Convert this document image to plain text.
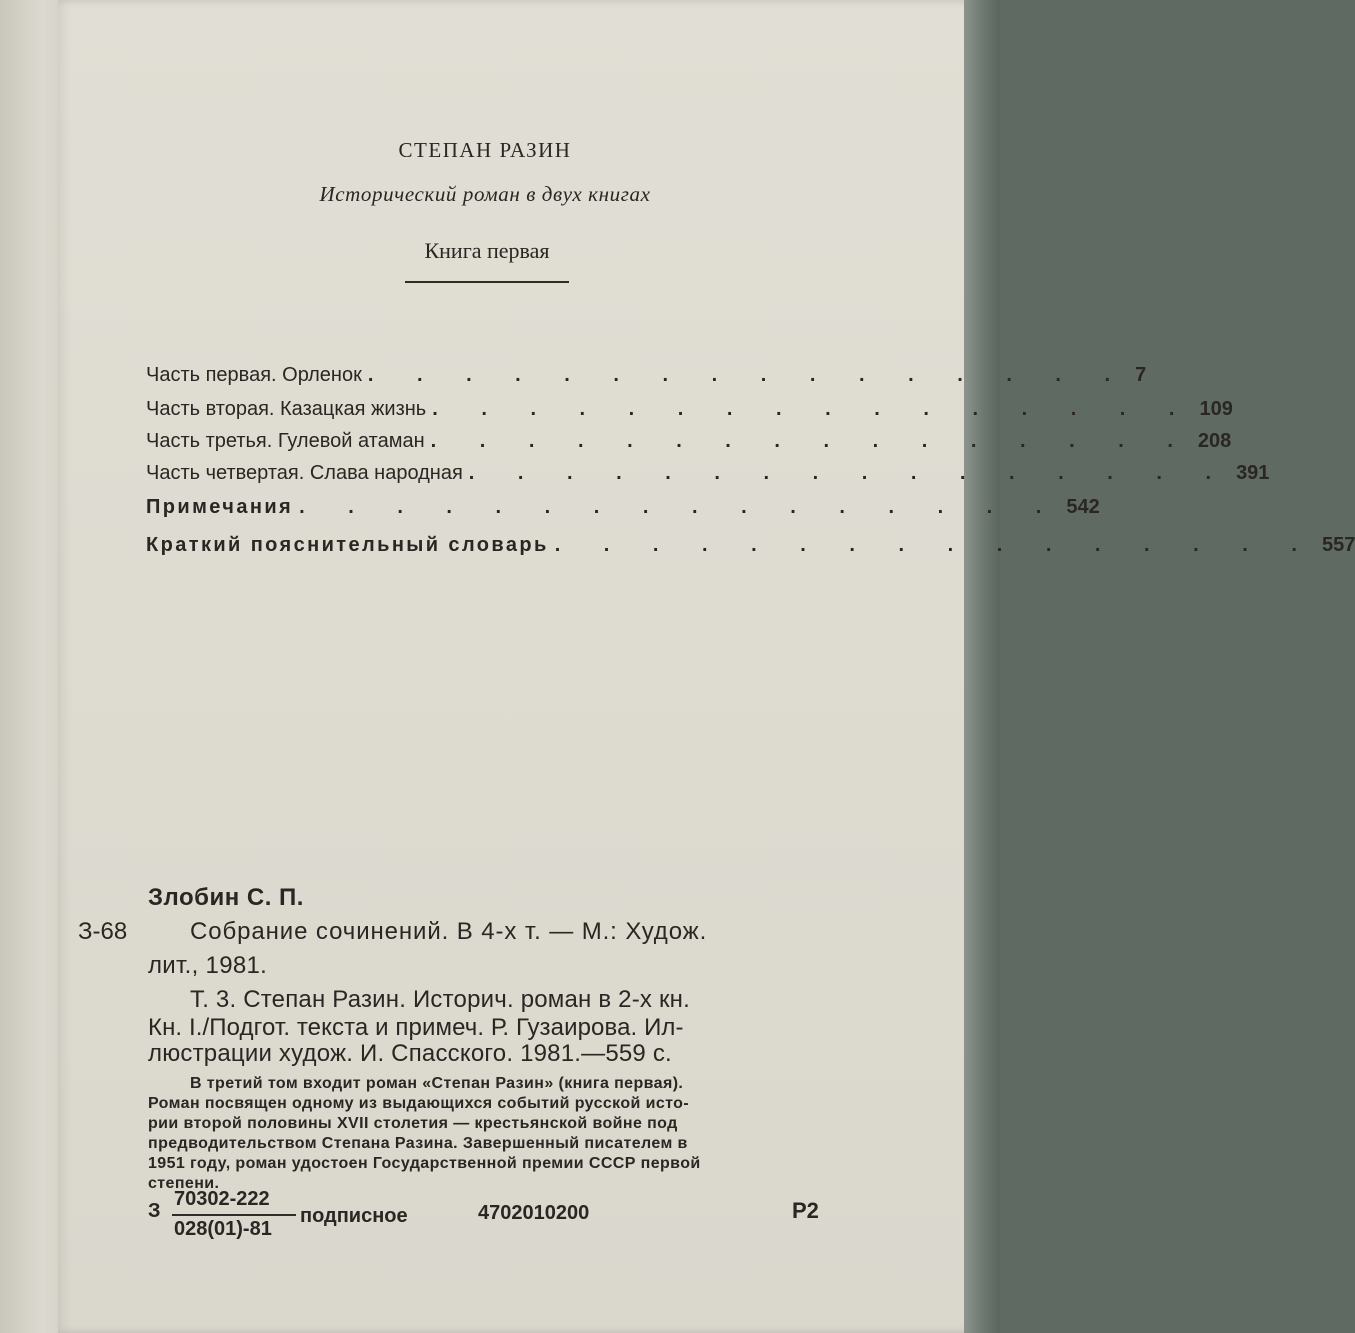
СТЕПАН РАЗИН
Исторический роман в двух книгах
Книга первая
Часть первая. Орленок . . . . . . . . . . . . . . . . 7
Часть вторая. Казацкая жизнь . . . . . . . . . . . . . . . . 109
Часть третья. Гулевой атаман . . . . . . . . . . . . . . . . 208
Часть четвертая. Слава народная . . . . . . . . . . . . . . . . 391
Примечания . . . . . . . . . . . . . . . . 542
Краткий пояснительный словарь . . . . . . . . . . . . . . . . 557
Злобин С. П.
З-68	Собрание сочинений. В 4-х т. — М.: Худож.
лит., 1981.
Т. 3. Степан Разин. Историч. роман в 2-х кн.
Кн. I./Подгот. текста и примеч. Р. Гузаирова. Ил-
люстрации худож. И. Спасского. 1981.—559 с.
В третий том входит роман «Степан Разин» (книга первая).
Роман посвящен одному из выдающихся событий русской исто-
рии второй половины XVII столетия — крестьянской войне под
предводительством Степана Разина. Завершенный писателем в
1951 году, роман удостоен Государственной премии СССР первой
степени.
З
70302-222
028(01)-81
подписное	4702010200	Р2
